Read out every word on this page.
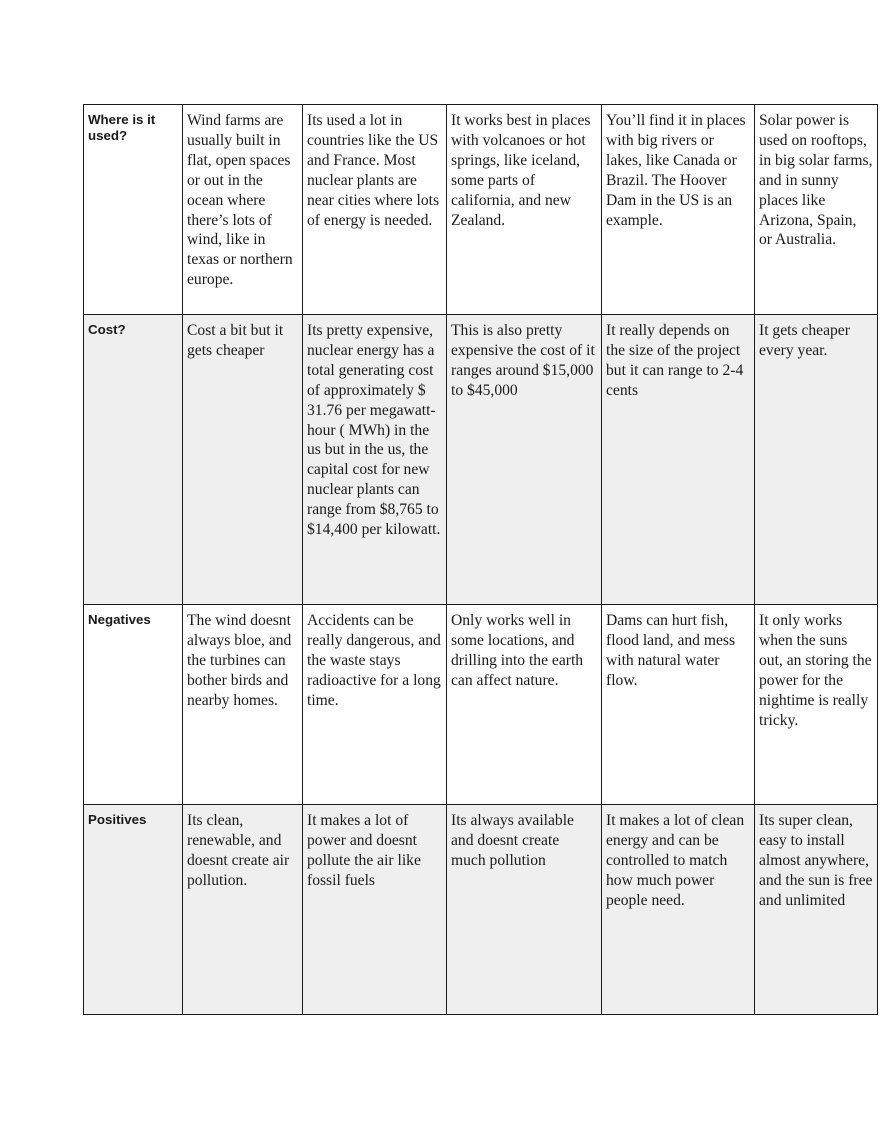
Where is it used?	Wind farms are usually built in flat, open spaces or out in the ocean where there’s lots of wind, like in texas or northern europe.	Its used a lot in countries like the US and France. Most nuclear plants are near cities where lots of energy is needed.	It works best in places with volcanoes or hot springs, like iceland, some parts of california, and new Zealand.	You’ll find it in places with big rivers or lakes, like Canada or Brazil. The Hoover Dam in the US is an example.	Solar power is used on rooftops, in big solar farms, and in sunny places like Arizona, Spain, or Australia.
Cost?	Cost a bit but it gets cheaper	Its pretty expensive, nuclear energy has a total generating cost of approximately $ 31.76 per megawatt- hour ( MWh) in the us but in the us, the capital cost for new nuclear plants can range from $8,765 to $14,400 per kilowatt.	This is also pretty expensive the cost of it ranges around $15,000 to $45,000	It really depends on the size of the project but it can range to 2-4 cents	It gets cheaper every year.
Negatives	The wind doesnt always bloe, and the turbines can bother birds and nearby homes.	Accidents can be really dangerous, and the waste stays radioactive for a long time.	Only works well in some locations, and drilling into the earth can affect nature.	Dams can hurt fish, flood land, and mess with natural water flow.	It only works when the suns out, an storing the power for the nightime is really tricky.
Positives	Its clean, renewable, and doesnt create air pollution.	It makes a lot of power and doesnt pollute the air like fossil fuels	Its always available and doesnt create much pollution	It makes a lot of clean energy and can be controlled to match how much power people need.	Its super clean, easy to install almost anywhere, and the sun is free and unlimited
